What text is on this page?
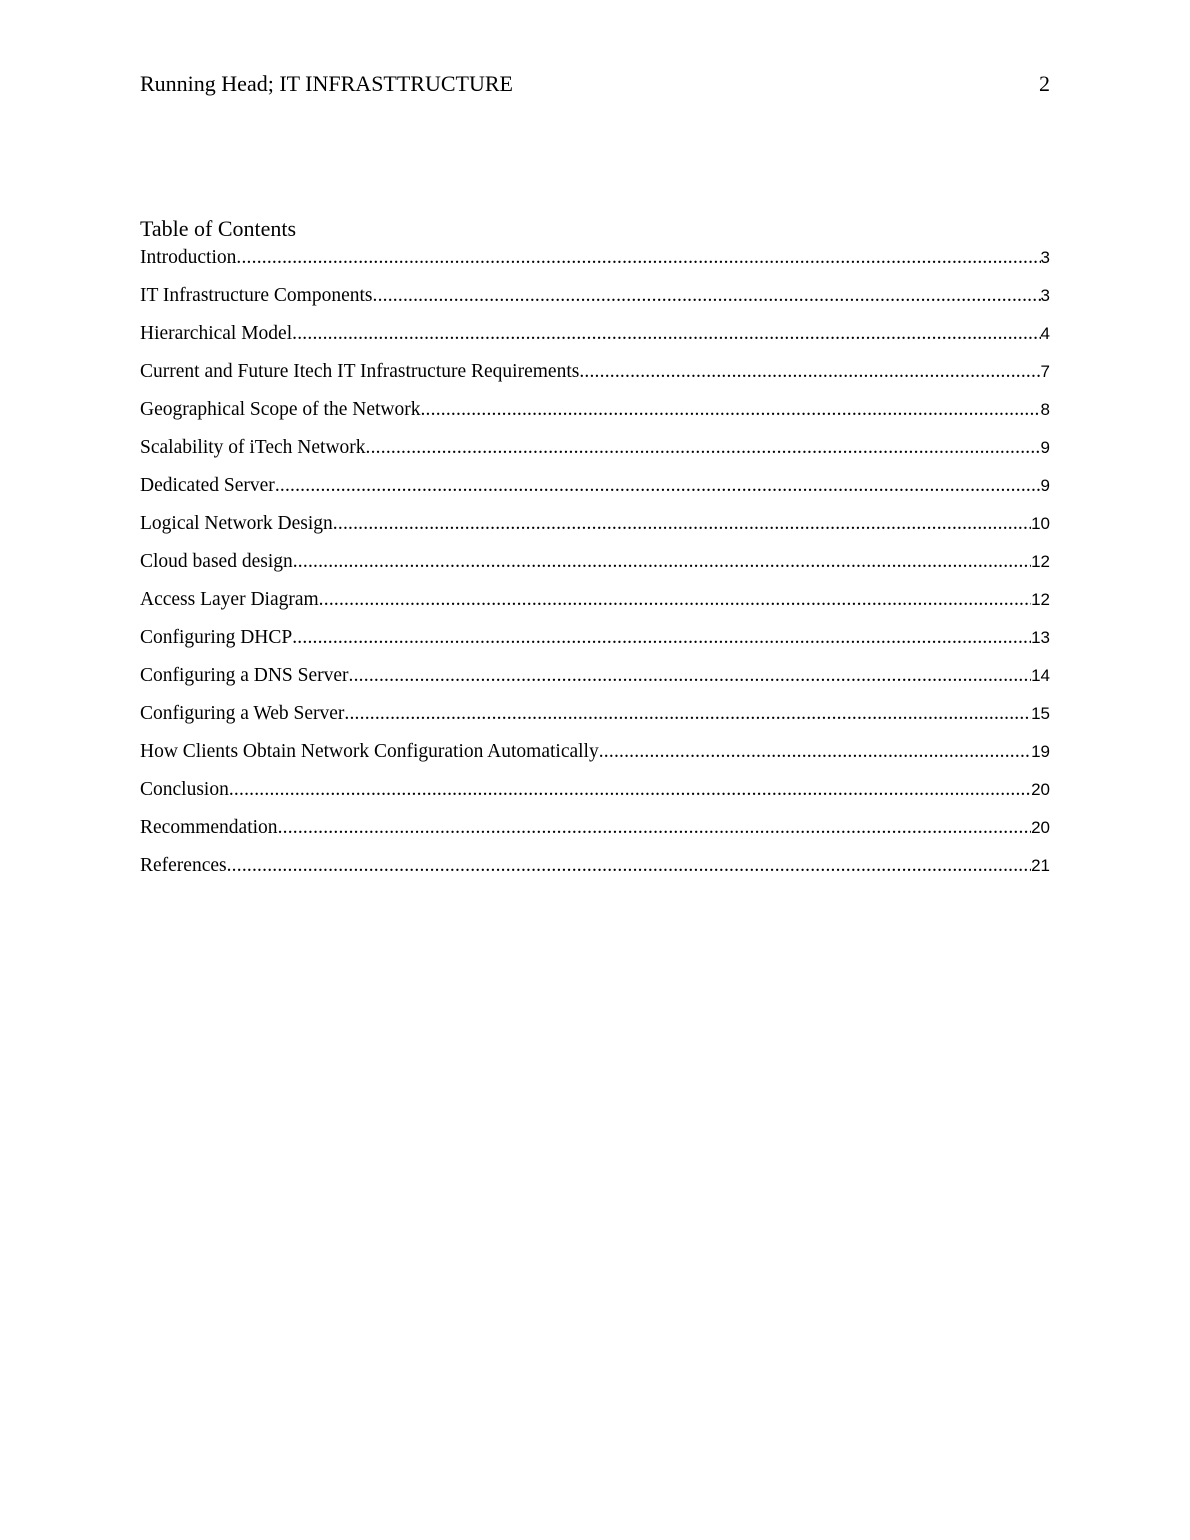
Running Head; IT INFRASTTRUCTURE	2
Table of Contents
Introduction .....	3
IT Infrastructure Components .....	3
Hierarchical Model .....	4
Current and Future Itech IT Infrastructure Requirements .....	7
Geographical Scope of the Network .....	8
Scalability of iTech Network .....	9
Dedicated Server .....	9
Logical Network Design .....	10
Cloud based design .....	12
Access Layer Diagram .....	12
Configuring DHCP .....	13
Configuring a DNS Server .....	14
Configuring a Web Server .....	15
How Clients Obtain Network Configuration Automatically .....	19
Conclusion .....	20
Recommendation .....	20
References .....	21
